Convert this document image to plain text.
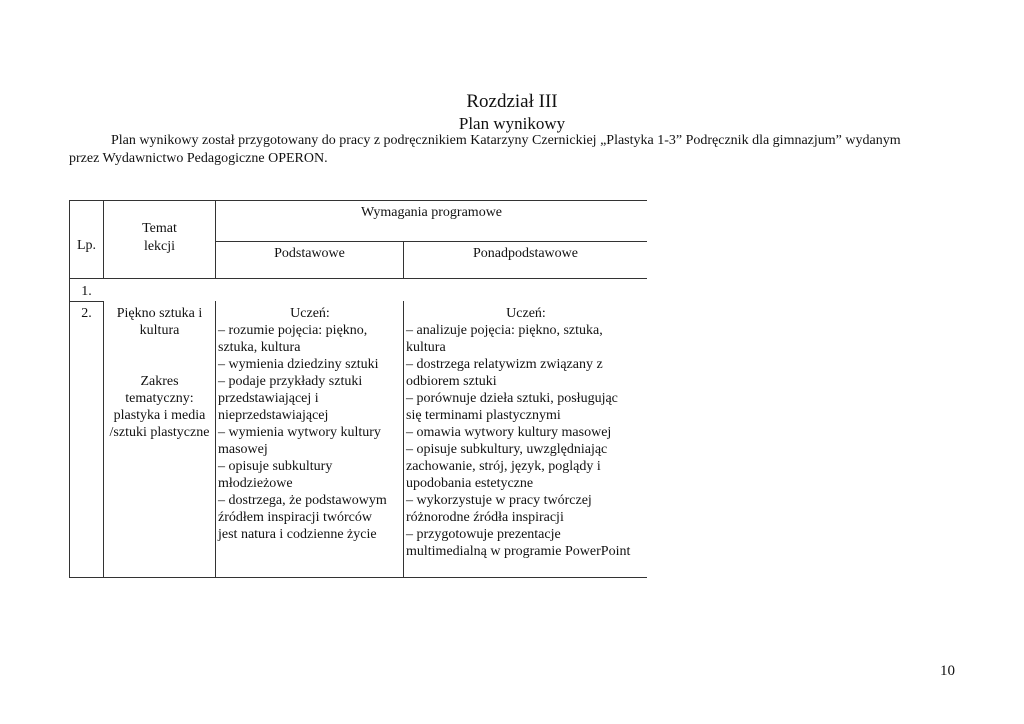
Rozdział III
Plan wynikowy
Plan wynikowy został przygotowany do pracy z podręcznikiem Katarzyny Czernickiej „Plastyka 1-3” Podręcznik dla gimnazjum” wydanym
przez Wydawnictwo Pedagogiczne OPERON.
Lp.
Temat
lekcji
Wymagania programowe
Podstawowe	Ponadpodstawowe
1.
2.	Piękno sztuka i
kultura
Zakres
tematyczny:
plastyka i media
/sztuki plastyczne
Uczeń:
– rozumie pojęcia: piękno,
sztuka, kultura
– wymienia dziedziny sztuki
– podaje przykłady sztuki
przedstawiającej i
nieprzedstawiającej
– wymienia wytwory kultury
masowej
– opisuje subkultury
młodzieżowe
– dostrzega, że podstawowym
źródłem inspiracji twórców
jest natura i codzienne życie
Uczeń:
– analizuje pojęcia: piękno, sztuka,
kultura
– dostrzega relatywizm związany z
odbiorem sztuki
– porównuje dzieła sztuki, posługując
się terminami plastycznymi
– omawia wytwory kultury masowej
– opisuje subkultury, uwzględniając
zachowanie, strój, język, poglądy i
upodobania estetyczne
– wykorzystuje w pracy twórczej
różnorodne źródła inspiracji
– przygotowuje prezentacje
multimedialną w programie PowerPoint
10
